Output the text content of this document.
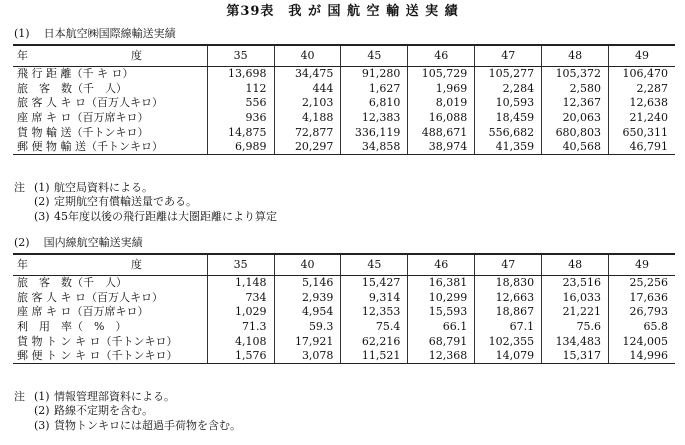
第39表　我 が 国 航 空 輸 送 実 績
(1) 日本航空㈱国際線輸送実績
年 度	35	40	45	46	47	48	49
飛 行 距 離（千 キ ロ）	13,698	34,475	91,280	105,729	105,277	105,372	106,470
旅　客　数（千　人）	112	444	1,627	1,969	2,284	2,580	2,287
旅 客 人 キ ロ（百万人キロ）	556	2,103	6,810	8,019	10,593	12,367	12,638
座 席 キ ロ（百万席キロ）	936	4,188	12,383	16,088	18,459	20,063	21,240
貨 物 輸 送（千トンキロ）	14,875	72,877	336,119	488,671	556,682	680,803	650,311
郵 便 物 輸 送（千トンキロ）	6,989	20,297	34,858	38,974	41,359	40,568	46,791
注 (1) 航空局資料による。
(2) 定期航空有償輸送量である。
(3) 45年度以後の飛行距離は大圏距離により算定
(2) 国内線航空輸送実績
年 度	35	40	45	46	47	48	49
旅　客　数（千　人）	1,148	5,146	15,427	16,381	18,830	23,516	25,256
旅 客 人 キ ロ（百万人キロ）	734	2,939	9,314	10,299	12,663	16,033	17,636
座 席 キ ロ（百万席キロ）	1,029	4,954	12,353	15,593	18,867	21,221	26,793
利　用　率（　%　）	71.3	59.3	75.4	66.1	67.1	75.6	65.8
貨 物 ト ン キ ロ（千トンキロ）	4,108	17,921	62,216	68,791	102,355	134,483	124,005
郵 便 ト ン キ ロ（千トンキロ）	1,576	3,078	11,521	12,368	14,079	15,317	14,996
注 (1) 情報管理部資料による。
(2) 路線不定期を含む。
(3) 貨物トンキロには超過手荷物を含む。
